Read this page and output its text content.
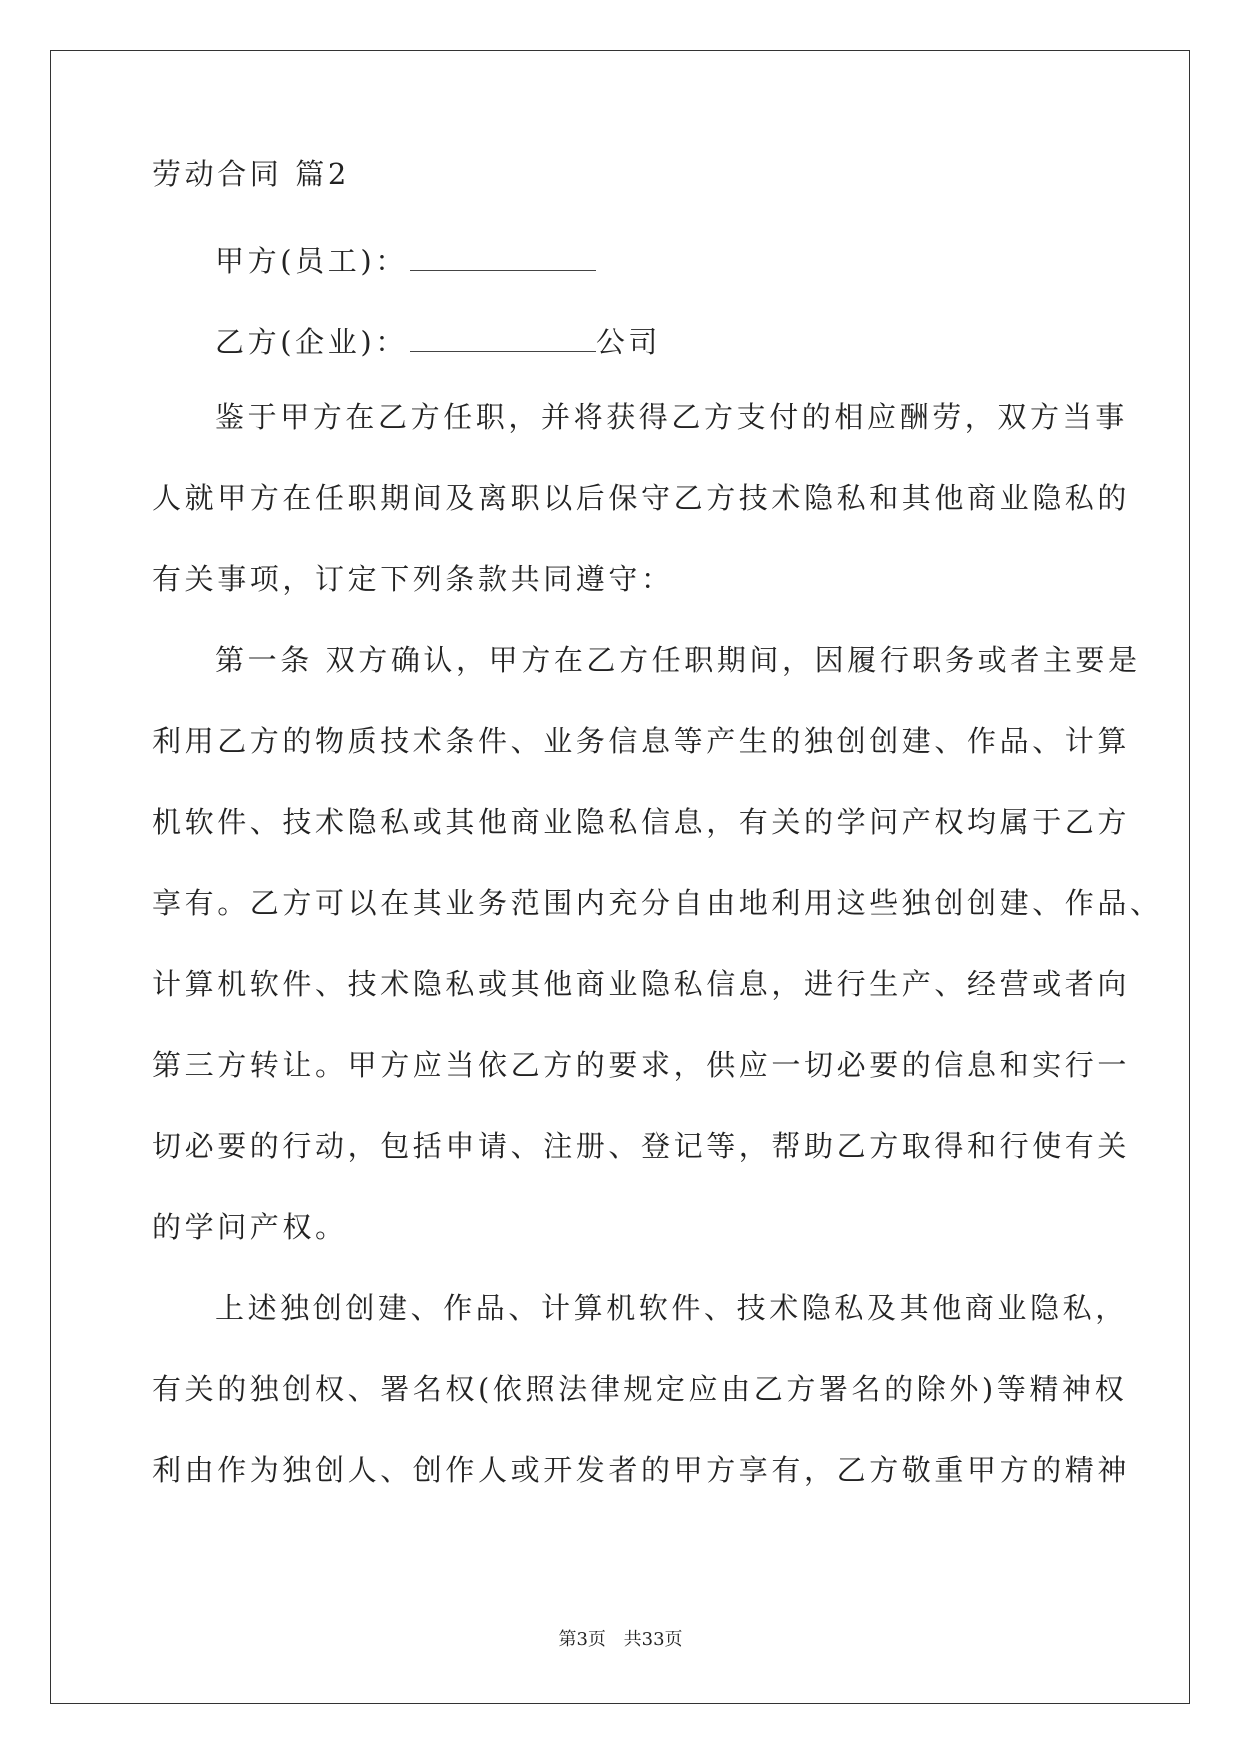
劳动合同 篇2
甲方(员工)：
乙方(企业)：	公司
鉴于甲方在乙方任职，并将获得乙方支付的相应酬劳，双方当事
人就甲方在任职期间及离职以后保守乙方技术隐私和其他商业隐私的
有关事项，订定下列条款共同遵守：
第一条 双方确认，甲方在乙方任职期间，因履行职务或者主要是
利用乙方的物质技术条件、业务信息等产生的独创创建、作品、计算
机软件、技术隐私或其他商业隐私信息，有关的学问产权均属于乙方
享有。乙方可以在其业务范围内充分自由地利用这些独创创建、作品、
计算机软件、技术隐私或其他商业隐私信息，进行生产、经营或者向
第三方转让。甲方应当依乙方的要求，供应一切必要的信息和实行一
切必要的行动，包括申请、注册、登记等，帮助乙方取得和行使有关
的学问产权。
上述独创创建、作品、计算机软件、技术隐私及其他商业隐私，
有关的独创权、署名权(依照法律规定应由乙方署名的除外)等精神权
利由作为独创人、创作人或开发者的甲方享有，乙方敬重甲方的精神
第3页 共33页
